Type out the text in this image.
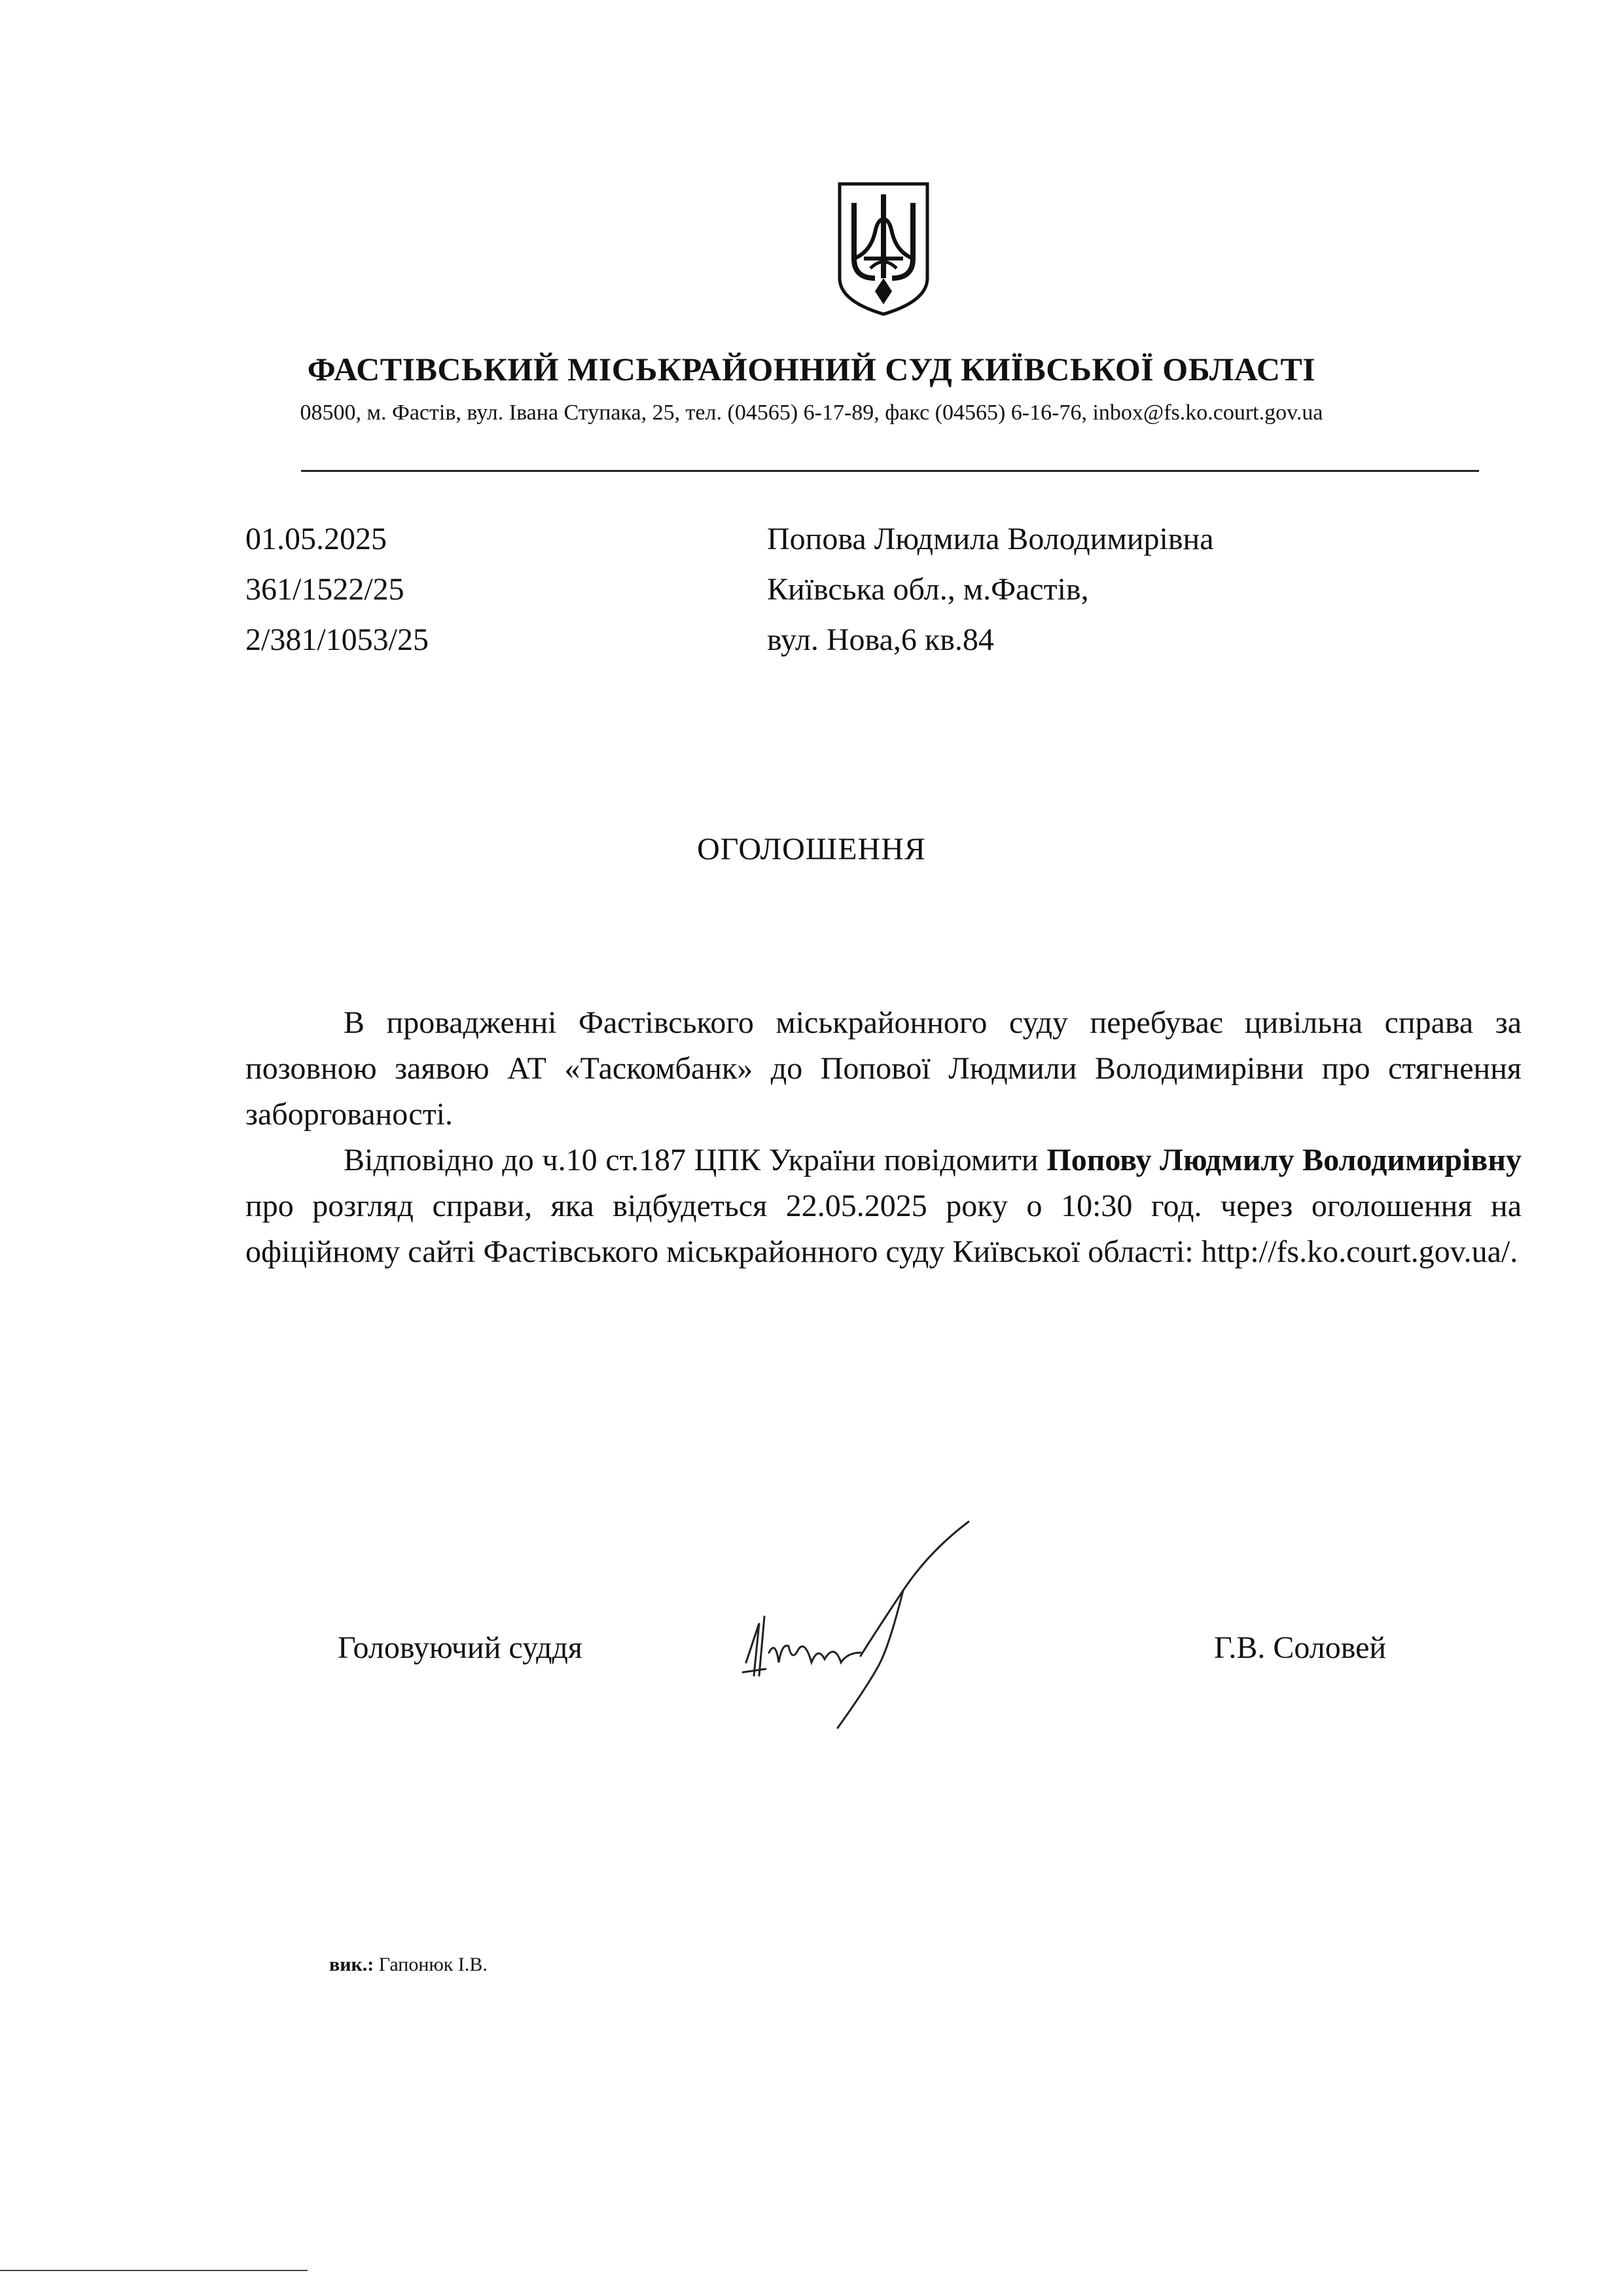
ФАСТІВСЬКИЙ МІСЬКРАЙОННИЙ СУД КИЇВСЬКОЇ ОБЛАСТІ
08500, м. Фастів, вул. Івана Ступака, 25, тел. (04565) 6-17-89, факс (04565) 6-16-76, inbox@fs.ko.court.gov.ua
01.05.2025
361/1522/25
2/381/1053/25
Попова Людмила Володимирівна
Київська обл., м.Фастів,
вул. Нова,6 кв.84
ОГОЛОШЕННЯ

В провадженні Фастівського міськрайонного суду перебуває цивільна справа за позовною заявою АТ «Таскомбанк» до Попової Людмили Володимирівни про стягнення заборгованості.

Відповідно до ч.10 ст.187 ЦПК України повідомити Попову Людмилу Володимирівну про розгляд справи, яка відбудеться 22.05.2025 року о 10:30 год. через оголошення на офіційному сайті Фастівського міськрайонного суду Київської області: http://fs.ko.court.gov.ua/.

Головуючий суддя	Г.В. Соловей
вик.: Гапонюк І.В.
